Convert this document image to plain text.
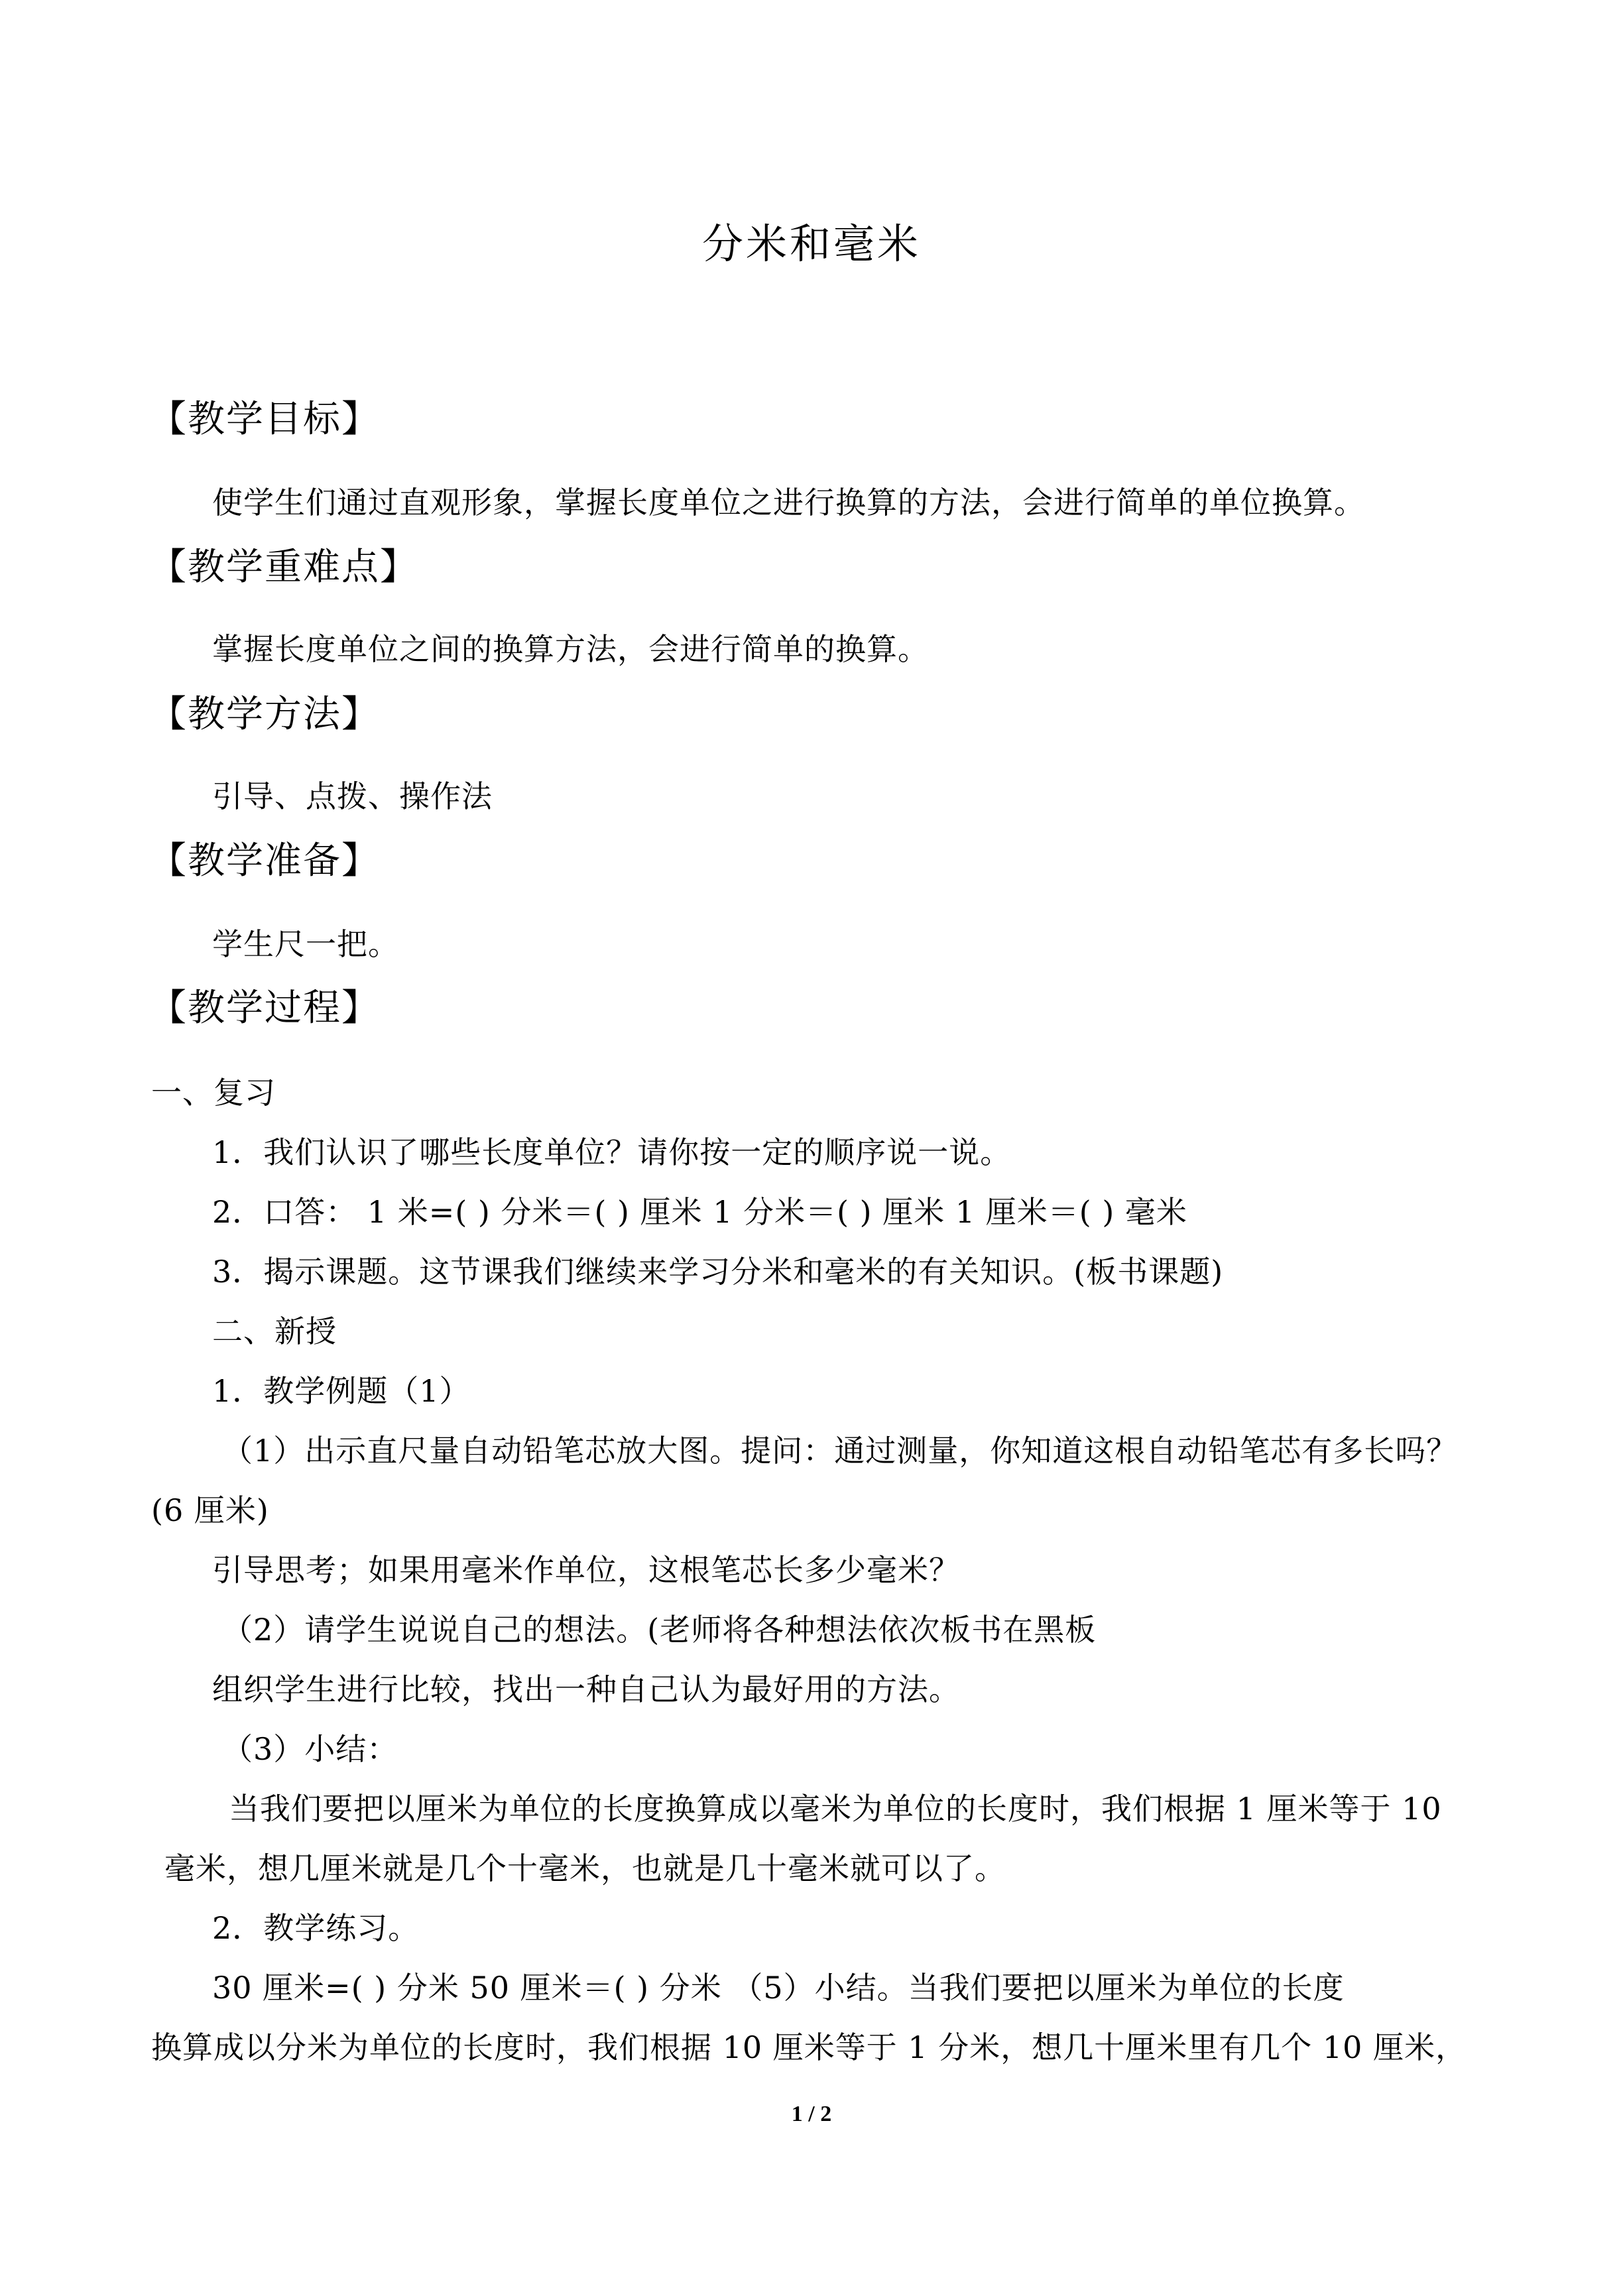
分米和毫米
【教学目标】
使学生们通过直观形象，掌握长度单位之进行换算的方法，会进行简单的单位换算。
【教学重难点】
掌握长度单位之间的换算方法，会进行简单的换算。
【教学方法】
引导、点拨、操作法
【教学准备】
学生尺一把。
【教学过程】
一、复习
1．我们认识了哪些长度单位？请你按一定的顺序说一说。
2．口答： 1 米=( ) 分米＝( ) 厘米 1 分米＝( ) 厘米 1 厘米＝( ) 毫米
3．揭示课题。这节课我们继续来学习分米和毫米的有关知识。(板书课题)
二、新授
1．教学例题（1）
（1）出示直尺量自动铅笔芯放大图。提问：通过测量，你知道这根自动铅笔芯有多长吗？
(6 厘米)
引导思考；如果用毫米作单位，这根笔芯长多少毫米？
（2）请学生说说自己的想法。(老师将各种想法依次板书在黑板
组织学生进行比较，找出一种自己认为最好用的方法。
（3）小结：
当我们要把以厘米为单位的长度换算成以毫米为单位的长度时，我们根据 1 厘米等于 10
毫米，想几厘米就是几个十毫米，也就是几十毫米就可以了。
2．教学练习。
30 厘米=( ) 分米 50 厘米＝( ) 分米 （5）小结。当我们要把以厘米为单位的长度
换算成以分米为单位的长度时，我们根据 10 厘米等于 1 分米，想几十厘米里有几个 10 厘米，
1 / 2
